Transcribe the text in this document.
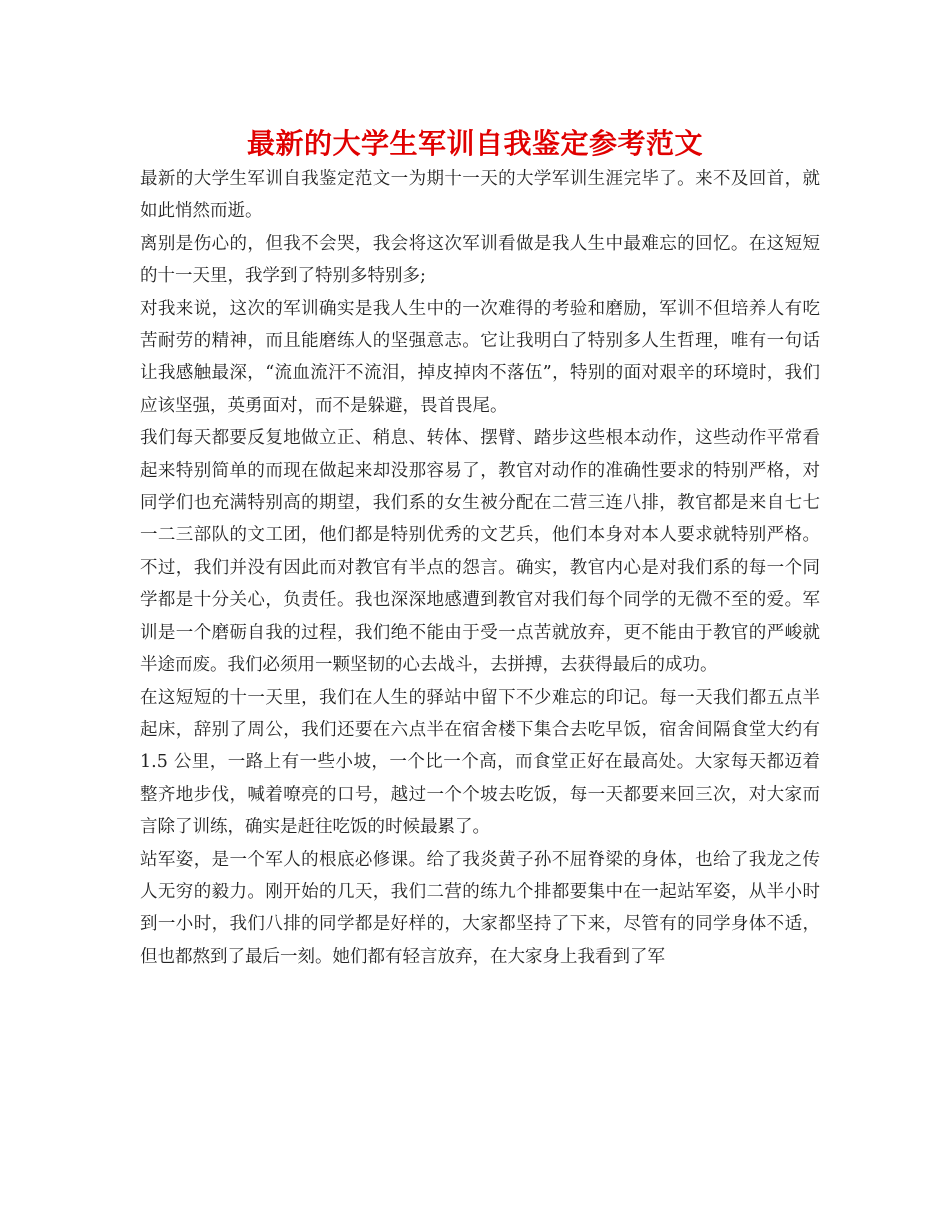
最新的大学生军训自我鉴定参考范文

最新的大学生军训自我鉴定范文一为期十一天的大学军训生涯完毕了。来不及回首，就如此悄然而逝。

离别是伤心的，但我不会哭，我会将这次军训看做是我人生中最难忘的回忆。在这短短的十一天里，我学到了特别多特别多;

对我来说，这次的军训确实是我人生中的一次难得的考验和磨励，军训不但培养人有吃苦耐劳的精神，而且能磨练人的坚强意志。它让我明白了特别多人生哲理，唯有一句话让我感触最深，“流血流汗不流泪，掉皮掉肉不落伍”，特别的面对艰辛的环境时，我们应该坚强，英勇面对，而不是躲避，畏首畏尾。

我们每天都要反复地做立正、稍息、转体、摆臂、踏步这些根本动作，这些动作平常看起来特别简单的而现在做起来却没那容易了，教官对动作的准确性要求的特别严格，对同学们也充满特别高的期望，我们系的女生被分配在二营三连八排，教官都是来自七七一二三部队的文工团，他们都是特别优秀的文艺兵，他们本身对本人要求就特别严格。不过，我们并没有因此而对教官有半点的怨言。确实，教官内心是对我们系的每一个同学都是十分关心，负责任。我也深深地感遭到教官对我们每个同学的无微不至的爱。军训是一个磨砺自我的过程，我们绝不能由于受一点苦就放弃，更不能由于教官的严峻就半途而废。我们必须用一颗坚韧的心去战斗，去拼搏，去获得最后的成功。

在这短短的十一天里，我们在人生的驿站中留下不少难忘的印记。每一天我们都五点半起床，辞别了周公，我们还要在六点半在宿舍楼下集合去吃早饭，宿舍间隔食堂大约有 1.5 公里，一路上有一些小坡，一个比一个高，而食堂正好在最高处。大家每天都迈着整齐地步伐，喊着嘹亮的口号，越过一个个坡去吃饭，每一天都要来回三次，对大家而言除了训练，确实是赶往吃饭的时候最累了。

站军姿，是一个军人的根底必修课。给了我炎黄子孙不屈脊梁的身体，也给了我龙之传人无穷的毅力。刚开始的几天，我们二营的练九个排都要集中在一起站军姿，从半小时到一小时，我们八排的同学都是好样的，大家都坚持了下来，尽管有的同学身体不适，但也都熬到了最后一刻。她们都有轻言放弃，在大家身上我看到了军
